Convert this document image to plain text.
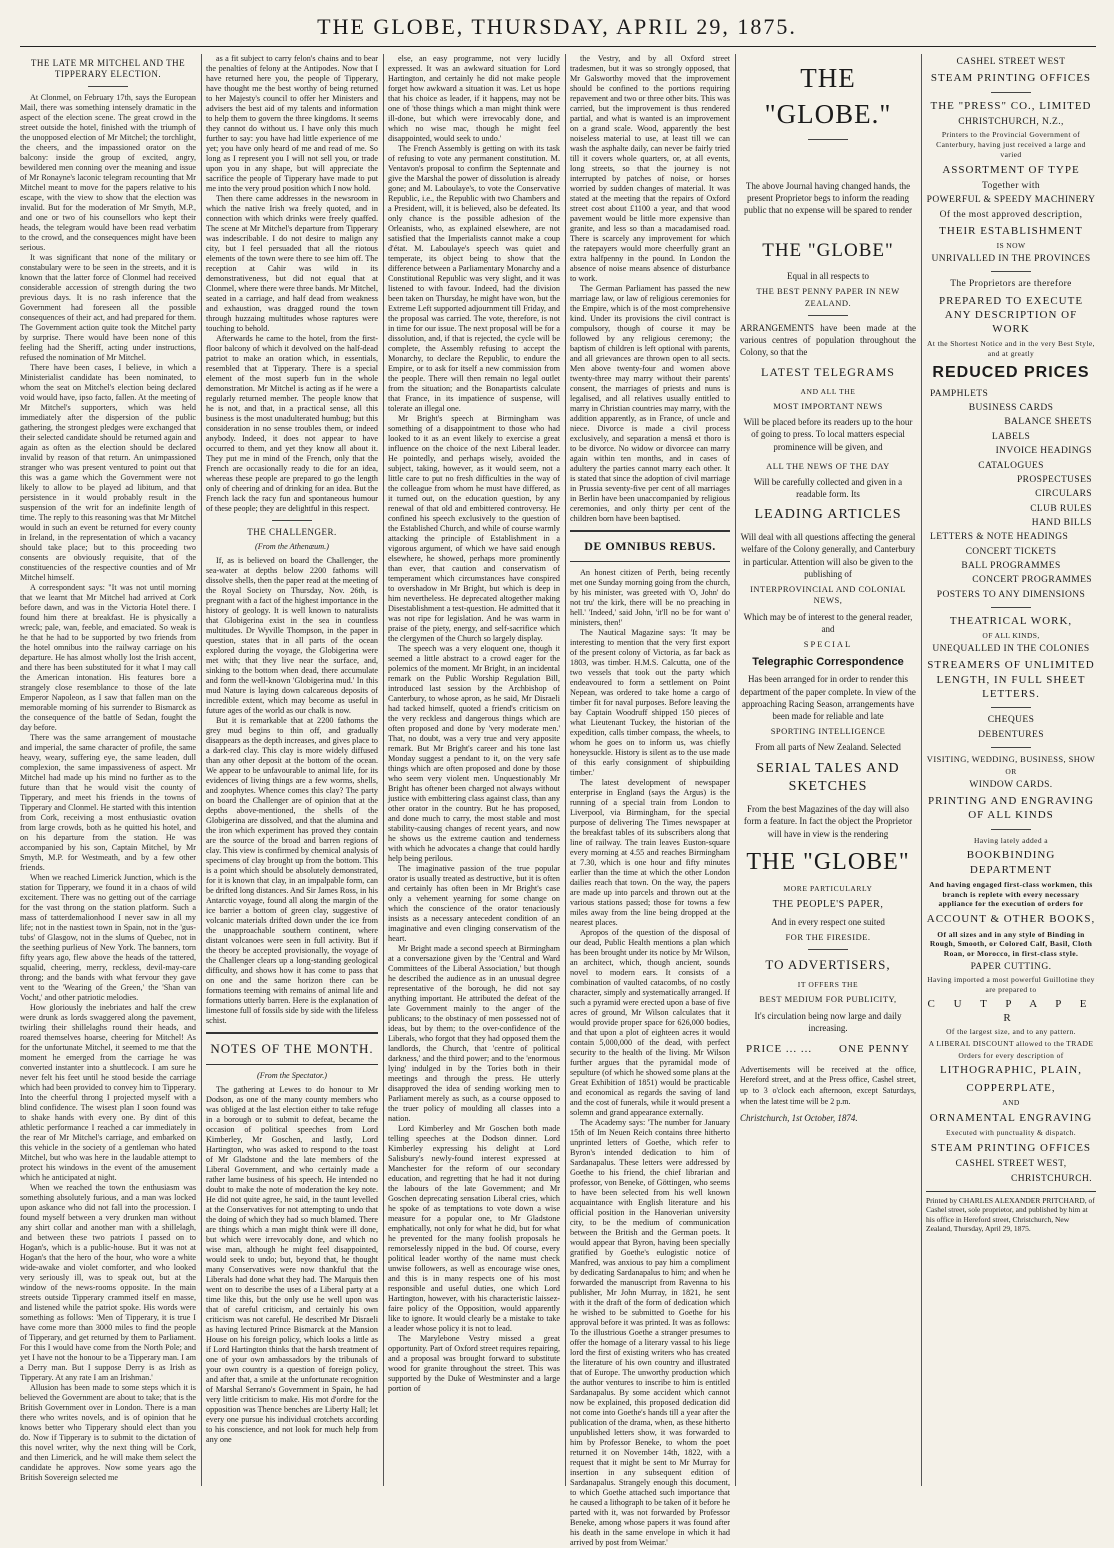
THE GLOBE, THURSDAY, APRIL 29, 1875.
THE LATE MR MITCHEL AND THE TIPPERARY ELECTION.

At Clonmel, on February 17th, says the European Mail, there was something intensely dramatic in the aspect of the election scene. The great crowd in the street outside the hotel, finished with the triumph of the unopposed election of Mr Mitchel; the torchlight, the cheers, and the impassioned orator on the balcony: inside the group of excited, angry, bewildered men conning over the meaning and issue of Mr Ronayne's laconic telegram recounting that Mr Mitchel meant to move for the papers relative to his escape, with the view to show that the election was invalid. But for the moderation of Mr Smyth, M.P., and one or two of his counsellors who kept their heads, the telegram would have been read verbatim to the crowd, and the consequences might have been serious.

It was significant that none of the military or constabulary were to be seen in the streets, and it is known that the latter force of Clonmel had received considerable accession of strength during the two previous days. It is no rash inference that the Government had foreseen all the possible consequences of their act, and had prepared for them. The Government action quite took the Mitchel party by surprise. There would have been none of this feeling had the Sheriff, acting under instructions, refused the nomination of Mr Mitchel.

There have been cases, I believe, in which a Ministerialist candidate has been nominated, to whom the seat on Mitchel's election being declared void would have, ipso facto, fallen. At the meeting of Mr Mitchel's supporters, which was held immediately after the dispersion of the public gathering, the strongest pledges were exchanged that their selected candidate should be returned again and again as often as the election should be declared invalid by reason of that return. An unimpassioned stranger who was present ventured to point out that this was a game which the Government were not likely to allow to be played ad libitum, and that persistence in it would probably result in the suspension of the writ for an indefinite length of time. The reply to this reasoning was that Mr Mitchel would in such an event be returned for every county in Ireland, in the representation of which a vacancy should take place; but to this proceeding two consents are obviously requisite, that of the constituencies of the respective counties and of Mr Mitchel himself.

A correspondent says: "It was not until morning that we learnt that Mr Mitchel had arrived at Cork before dawn, and was in the Victoria Hotel there. I found him there at breakfast. He is physically a wreck; pale, wan, feeble, and emaciated. So weak is he that he had to be supported by two friends from the hotel omnibus into the railway carriage on his departure. He has almost wholly lost the Irish accent, and there has been substituted for it what I may call the American intonation. His features bore a strangely close resemblance to those of the late Emperor Napoleon, as I saw that fallen man on the memorable morning of his surrender to Bismarck as the consequence of the battle of Sedan, fought the day before.

There was the same arrangement of moustache and imperial, the same character of profile, the same heavy, weary, suffering eye, the same leaden, dull complexion, the same impassiveness of aspect. Mr Mitchel had made up his mind no further as to the future than that he would visit the county of Tipperary, and meet his friends in the towns of Tipperary and Clonmel. He started with this intention from Cork, receiving a most enthusiastic ovation from large crowds, both as he quitted his hotel, and on his departure from the station. He was accompanied by his son, Captain Mitchel, by Mr Smyth, M.P. for Westmeath, and by a few other friends.

When we reached Limerick Junction, which is the station for Tipperary, we found it in a chaos of wild excitement. There was no getting out of the carriage for the vast throng on the station platform. Such a mass of tatterdemalionhood I never saw in all my life; not in the nastiest town in Spain, not in the 'gus-tubs' of Glasgow, not in the slums of Quebec, not in the seething purlieus of New York. The banners, torn fifty years ago, flew above the heads of the tattered, squalid, cheering, merry, reckless, devil-may-care throng; and the bands with what fervour they gave vent to the 'Wearing of the Green,' the 'Shan van Vocht,' and other patriotic melodies.

How gloriously the inebriates and half the crew were drunk as lords swaggered along the pavement, twirling their shillelaghs round their heads, and roared themselves hoarse, cheering for Mitchel! As for the unfortunate Mitchel, it seemed to me that the moment he emerged from the carriage he was converted instanter into a shuttlecock. I am sure he never felt his feet until he stood beside the carriage which had been provided to convey him to Tipperary. Into the cheerful throng I projected myself with a blind confidence. The wisest plan I soon found was to shake hands with every one. By dint of this athletic performance I reached a car immediately in the rear of Mr Mitchel's carriage, and embarked on this vehicle in the society of a gentleman who hated Mitchel, but who was here in the laudable attempt to protect his windows in the event of the amusement which he anticipated at night.

When we reached the town the enthusiasm was something absolutely furious, and a man was locked upon askance who did not fall into the procession. I found myself between a very drunken man without any shirt collar and another man with a shillelagh, and between these two patriots I passed on to Hogan's, which is a public-house. But it was not at Hogan's that the hero of the hour, who wore a white wide-awake and violet comforter, and who looked very seriously ill, was to speak out, but at the window of the news-rooms opposite. In the main streets outside Tipperary crammed itself en masse, and listened while the patriot spoke. His words were something as follows: 'Men of Tipperary, it is true I have come more than 3000 miles to find the people of Tipperary, and get returned by them to Parliament. For this I would have come from the North Pole; and yet I have not the honour to be a Tipperary man. I am a Derry man. But I suppose Derry is as Irish as Tipperary. At any rate I am an Irishman.'

Allusion has been made to some steps which it is believed the Government are about to take; that is the British Government over in London. There is a man there who writes novels, and is of opinion that he knows better who Tipperary should elect than you do. Now if Tipperary is to submit to the dictation of this novel writer, why the next thing will be Cork, and then Limerick, and he will make them select the candidate he approves. Now some years ago the British Sovereign selected me

as a fit subject to carry felon's chains and to bear the penalties of felony at the Antipodes. Now that I have returned here you, the people of Tipperary, have thought me the best worthy of being returned to her Majesty's council to offer her Ministers and advisers the best aid of my talents and information to help them to govern the three kingdoms. It seems they cannot do without us. I have only this much further to say: you have had little experience of me yet; you have only heard of me and read of me. So long as I represent you I will not sell you, or trade upon you in any shape, but will appreciate the sacrifice the people of Tipperary have made to put me into the very proud position which I now hold.

Then there came addresses in the newsroom in which the native Irish wa freely quoted, and in connection with which drinks were freely quaffed. The scene at Mr Mitchel's departure from Tipperary was indescribable. I do not desire to malign any city, but I feel persuaded that all the riotous elements of the town were there to see him off. The reception at Cahir was wild in its demonstrativeness, but did not equal that at Clonmel, where there were three bands. Mr Mitchel, seated in a carriage, and half dead from weakness and exhaustion, was dragged round the town through huzzaing multitudes whose raptures were touching to behold.

Afterwards he came to the hotel, from the first-floor balcony of which it devolved on the half-dead patriot to make an oration which, in essentials, resembled that at Tipperary. There is a special element of the most superb fun in the whole demonstration. Mr Mitchel is acting as if he were a regularly returned member. The people know that he is not, and that, in a practical sense, all this business is the most unadulterated humbug; but this consideration in no sense troubles them, or indeed anybody. Indeed, it does not appear to have occurred to them, and yet they know all about it. They put me in mind of the French, only that the French are occasionally ready to die for an idea, whereas these people are prepared to go the length only of cheering and of drinking for an idea. But the French lack the racy fun and spontaneous humour of these people; they are delightful in this respect.

THE CHALLENGER.
(From the Athenæum.)

If, as is believed on board the Challenger, the sea-water at depths below 2200 fathoms will dissolve shells, then the paper read at the meeting of the Royal Society on Thursday, Nov. 26th, is pregnant with a fact of the highest importance in the history of geology. It is well known to naturalists that Globigerina exist in the sea in countless multitudes. Dr Wyville Thompson, in the paper in question, states that in all parts of the ocean explored during the voyage, the Globigerina were met with; that they live near the surface, and, sinking to the bottom when dead, there accumulate and form the well-known 'Globigerina mud.' In this mud Nature is laying down calcareous deposits of incredible extent, which may become as useful in future ages of the world as our chalk is now.

But it is remarkable that at 2200 fathoms the grey mud begins to thin off, and gradually disappears as the depth increases, and gives place to a dark-red clay. This clay is more widely diffused than any other deposit at the bottom of the ocean. We appear to be unfavourable to animal life, for its evidences of living things are a few worms, shells, and zoophytes. Whence comes this clay? The party on board the Challenger are of opinion that at the depths above-mentioned, the shells of the Globigerina are dissolved, and that the alumina and the iron which experiment has proved they contain are the source of the broad and barren regions of clay. This view is confirmed by chemical analysis of specimens of clay brought up from the bottom. This is a point which should be absolutely demonstrated, for it is known that clay, in an impalpable form, can be drifted long distances. And Sir James Ross, in his Antarctic voyage, found all along the margin of the ice barrier a bottom of green clay, suggestive of volcanic materials drifted down under the ice from the unapproachable southern continent, where distant volcanoes were seen in full activity. But if the theory be accepted provisionally, the voyage of the Challenger clears up a long-standing geological difficulty, and shows how it has come to pass that on one and the same horizon there can be formations teeming with remains of animal life and formations utterly barren. Here is the explanation of limestone full of fossils side by side with the lifeless schist.

NOTES OF THE MONTH.
(From the Spectator.)

The gathering at Lewes to do honour to Mr Dodson, as one of the many county members who was obliged at the last election either to take refuge in a borough or to submit to defeat, became the occasion of political speeches from Lord Kimberley, Mr Goschen, and lastly, Lord Hartington, who was asked to respond to the toast of Mr Gladstone and the late members of the Liberal Government, and who certainly made a rather lame business of his speech. He intended no doubt to make the note of moderation the key note. He did not quite agree, he said, in the taunt levelled at the Conservatives for not attempting to undo that the doing of which they had so much blamed. There are things which a man might think were ill done, but which were irrevocably done, and which no wise man, although he might feel disappointed, would seek to undo; but, beyond that, he thought many Conservatives were now thankful that the Liberals had done what they had. The Marquis then went on to describe the uses of a Liberal party at a time like this, but the only use he well upon was that of careful criticism, and certainly his own criticism was not careful. He described Mr Disraeli as having lectured Prince Bismarck at the Mansion House on his foreign policy, which looks a little as if Lord Hartington thinks that the harsh treatment of one of your own ambassadors by the tribunals of your own country is a question of foreign policy, and after that, a smile at the unfortunate recognition of Marshal Serrano's Government in Spain, he had very little criticism to make. His mot d'ordre for the opposition was Thence benches are Liberty Hall; let every one pursue his individual crotchets according to his conscience, and not look for much help from any one

else, an easy programme, not very lucidly expressed. It was an awkward situation for Lord Hartington, and certainly he did not make people forget how awkward a situation it was. Let us hope that his choice as leader, if it happens, may not be one of 'those things which a man might think were ill-done, but which were irrevocably done, and which no wise mac, though he might feel disappointed, would seek to undo.'

The French Assembly is getting on with its task of refusing to vote any permanent constitution. M. Ventavon's proposal to confirm the Septennate and give the Marshal the power of dissolution is already gone; and M. Laboulaye's, to vote the Conservative Republic, i.e., the Republic with two Chambers and a President, will, it is believed, also be defeated. Its only chance is the possible adhesion of the Orleanists, who, as explained elsewhere, are not satisfied that the Imperialists cannot make a coup d'état. M. Laboulaye's speech was quiet and temperate, its object being to show that the difference between a Parliamentary Monarchy and a Constitutional Republic was very slight, and it was listened to with favour. Indeed, had the division been taken on Thursday, he might have won, but the Extreme Left supported adjournment till Friday, and the proposal was carried. The vote, therefore, is not in time for our issue. The next proposal will be for a dissolution, and, if that is rejected, the cycle will be complete, the Assembly refusing to accept the Monarchy, to declare the Republic, to endure the Empire, or to ask for itself a new commission from the people. There will then remain no legal outlet from the situation; and the Bonapartists calculate that France, in its impatience of suspense, will tolerate an illegal one.

Mr Bright's speech at Birmingham was something of a disappointment to those who had looked to it as an event likely to exercise a great influence on the choice of the next Liberal leader. He pointedly, and perhaps wisely, avoided the subject, taking, however, as it would seem, not a little care to put no fresh difficulties in the way of the colleague from whom he must have differed, as it turned out, on the education question, by any renewal of that old and embittered controversy. He confined his speech exclusively to the question of the Established Church, and while of course warmly attacking the principle of Establishment in a vigorous argument, of which we have said enough elsewhere, he showed, perhaps more prominently than ever, that caution and conservatism of temperament which circumstances have conspired to overshadow in Mr Bright, but which is deep in him nevertheless. He deprecated altogether making Disestablishment a test-question. He admitted that it was not ripe for legislation. And he was warm in praise of the piety, energy, and self-sacrifice which the clergymen of the Church so largely display.

The speech was a very eloquent one, though it seemed a little abstract to a crowd eager for the polemics of the moment. Mr Bright, in an incidental remark on the Public Worship Regulation Bill, introduced last session by the Archbishop of Canterbury, to whose apron, as he said, Mr Disraeli had tacked himself, quoted a friend's criticism on the very reckless and dangerous things which are often proposed and done by 'very moderate men.' That, no doubt, was a very true and very apposite remark. But Mr Bright's career and his tone last Monday suggest a pendant to it, on the very safe things which are often proposed and done by those who seem very violent men. Unquestionably Mr Bright has oftener been charged not always without justice with embittering class against class, than any other orator in the country. But he has proposed, and done much to carry, the most stable and most stability-causing changes of recent years, and now he shows us the extreme caution and tenderness with which he advocates a change that could hardly help being perilous.

The imaginative passion of the true popular orator is usually treated as destructive, but it is often and certainly has often been in Mr Bright's case only a vehement yearning for some change on which the conscience of the orator tenaciously insists as a necessary antecedent condition of an imaginative and even clinging conservatism of the heart.

Mr Bright made a second speech at Birmingham at a conversazione given by the 'Central and Ward Committees of the Liberal Association,' but though he described the audience as in an unusual degree representative of the borough, he did not say anything important. He attributed the defeat of the late Government mainly to the anger of the publicans; to the obstinacy of men possessed not of ideas, but by them; to the over-confidence of the Liberals, who forgot that they had opposed them the landlords, the Church, that 'centre of political darkness,' and the third power; and to the 'enormous lying' indulged in by the Tories both in their meetings and through the press. He utterly disapproved the idea of sending working men to Parliament merely as such, as a course opposed to the truer policy of moulding all classes into a nation.

Lord Kimberley and Mr Goschen both made telling speeches at the Dodson dinner. Lord Kimberley expressing his delight at Lord Salisbury's newly-found interest expressed at Manchester for the reform of our secondary education, and regretting that he had it not during the labours of the late Government; and Mr Goschen deprecating sensation Liberal cries, which he spoke of as temptations to vote down a wise measure for a popular one, to Mr Gladstone emphatically, not only for what he did, but for what he prevented for the many foolish proposals he remorselessly nipped in the bud. Of course, every political leader worthy of the name must check unwise followers, as well as encourage wise ones, and this is in many respects one of his most responsible and useful duties, one which Lord Hartington, however, with his characteristic laissez-faire policy of the Opposition, would apparently like to ignore. It would clearly be a mistake to take a leader whose policy it is not to lead.

The Marylebone Vestry missed a great opportunity. Part of Oxford street requires repairing, and a proposal was brought forward to substitute wood for granite throughout the street. This was supported by the Duke of Westminster and a large portion of

the Vestry, and by all Oxford street tradesmen, but it was so strongly opposed, that Mr Galsworthy moved that the improvement should be confined to the portions requiring repavement and two or three other bits. This was carried, but the improvement is thus rendered partial, and what is wanted is an improvement on a grand scale. Wood, apparently the best noiseless material to use, at least till we can wash the asphalte daily, can never be fairly tried till it covers whole quarters, or, at all events, long streets, so that the journey is not interrupted by patches of noise, or horses worried by sudden changes of material. It was stated at the meeting that the repairs of Oxford street cost about £1100 a year, and that wood pavement would be little more expensive than granite, and less so than a macadamised road. There is scarcely any improvement for which the ratepayers would more cheerfully grant an extra halfpenny in the pound. In London the absence of noise means absence of disturbance to work.

The German Parliament has passed the new marriage law, or law of religious ceremonies for the Empire, which is of the most comprehensive kind. Under its provisions the civil contract is compulsory, though of course it may be followed by any religious ceremony; the baptism of children is left optional with parents, and all grievances are thrown open to all sects. Men above twenty-four and women above twenty-three may marry without their parents' consent, the marriages of priests and nuns is legalised, and all relatives usually entitled to marry in Christian countries may marry, with the addition apparently, as in France, of uncle and niece. Divorce is made a civil process exclusively, and separation a mensâ et thoro is to be divorce. No widow or divorcee can marry again within ten months, and in cases of adultery the parties cannot marry each other. It is stated that since the adoption of civil marriage in Prussia seventy-five per cent of all marriages in Berlin have been unaccompanied by religious ceremonies, and only thirty per cent of the children born have been baptised.

DE OMNIBUS REBUS.

An honest citizen of Perth, being recently met one Sunday morning going from the church, by his minister, was greeted with 'O, John' do not tru' the kirk, there will be no preaching in hell.' 'Indeed,' said John, 'it'll no be for want o' ministers, then!'

The Nautical Magazine says: 'It may be interesting to mention that the very first export of the present colony of Victoria, as far back as 1803, was timber. H.M.S. Calcutta, one of the two vessels that took out the party which endeavoured to form a settlement on Point Nepean, was ordered to take home a cargo of timber fit for naval purposes. Before leaving the bay Captain Woodruff shipped 150 pieces of what Lieutenant Tuckey, the historian of the expedition, calls timber compass, the wheels, to whom he goes on to inform us, was chiefly honeysuckle. History is silent as to the use made of this early consignment of shipbuilding timber.'

The latest development of newspaper enterprise in England (says the Argus) is the running of a special train from London to Liverpool, via Birmingham, for the special purpose of delivering The Times newspaper at the breakfast tables of its subscribers along that line of railway. The train leaves Euston-square every morning at 4.55 and reaches Birmingham at 7.30, which is one hour and fifty minutes earlier than the time at which the other London dailies reach that town. On the way, the papers are made up into parcels and thrown out at the various stations passed; those for towns a few miles away from the line being dropped at the nearest places.

Apropos of the question of the disposal of our dead, Public Health mentions a plan which has been brought under its notice by Mr Wilson, an architect, which, though ancient, sounds novel to modern ears. It consists of a combination of vaulted catacombs, of no costly character, simply and systematically arranged. If such a pyramid were erected upon a base of five acres of ground, Mr Wilson calculates that it would provide proper space for 626,000 bodies, and that upon a plot of eighteen acres it would contain 5,000,000 of the dead, with perfect security to the health of the living. Mr Wilson further argues that the pyramidal mode of sepulture (of which he showed some plans at the Great Exhibition of 1851) would be practicable and economical as regards the saving of land and the cost of funerals, while it would present a solemn and grand appearance externally.

The Academy says: 'The number for January 15th of Im Neuen Reich contains three hitherto unprinted letters of Goethe, which refer to Byron's intended dedication to him of Sardanapalus. These letters were addressed by Goethe to his friend, the chief librarian and professor, von Beneke, of Göttingen, who seems to have been selected from his well known acquaintance with English literature and his official position in the Hanoverian university city, to be the medium of communication between the British and the German poets. It would appear that Byron, having been specially gratified by Goethe's eulogistic notice of Manfred, was anxious to pay him a compliment by dedicating Sardanapalus to him; and when he forwarded the manuscript from Ravenna to his publisher, Mr John Murray, in 1821, he sent with it the draft of the form of dedication which he wished to be submitted to Goethe for his approval before it was printed. It was as follows: To the illustrious Goethe a stranger presumes to offer the homage of a literary vassal to his liege lord the first of existing writers who has created the literature of his own country and illustrated that of Europe. The unworthy production which the author ventures to inscribe to him is entitled Sardanapalus. By some accident which cannot now be explained, this proposed dedication did not come into Goethe's hands till a year after the publication of the drama, when, as these hitherto unpublished letters show, it was forwarded to him by Professor Beneke, to whom the poet returned it on November 14th, 1822, with a request that it might be sent to Mr Murray for insertion in any subsequent edition of Sardanapalus. Strangely enough this document, to which Goethe attached such importance that he caused a lithograph to be taken of it before he parted with it, was not forwarded by Professor Beneke, among whose papers it was found after his death in the same envelope in which it had arrived by post from Weimar.'

THE "GLOBE."
The above Journal having changed hands, the present Proprietor begs to inform the reading public that no expense will be spared to render
THE "GLOBE"
Equal in all respects to
THE BEST PENNY PAPER IN NEW ZEALAND.
ARRANGEMENTS have been made at the various centres of population throughout the Colony, so that the
LATEST TELEGRAMS
AND ALL THE
MOST IMPORTANT NEWS
Will be placed before its readers up to the hour of going to press. To local matters especial prominence will be given, and
ALL THE NEWS OF THE DAY
Will be carefully collected and given in a readable form. Its
LEADING ARTICLES
Will deal with all questions affecting the general welfare of the Colony generally, and Canterbury in particular. Attention will also be given to the publishing of
INTERPROVINCIAL AND COLONIAL NEWS,
Which may be of interest to the general reader, and
SPECIAL
Telegraphic Correspondence
Has been arranged for in order to render this department of the paper complete. In view of the approaching Racing Season, arrangements have been made for reliable and late
SPORTING INTELLIGENCE
From all parts of New Zealand. Selected
SERIAL TALES AND SKETCHES
From the best Magazines of the day will also form a feature. In fact the object the Proprietor will have in view is the rendering
THE "GLOBE"
MORE PARTICULARLY
THE PEOPLE'S PAPER,
And in every respect one suited
FOR THE FIRESIDE.
TO ADVERTISERS,
IT OFFERS THE
BEST MEDIUM FOR PUBLICITY,
It's circulation being now large and daily increasing.
PRICE ... ... ONE PENNY
Advertisements will be received at the office, Hereford street, and at the Press office, Cashel street, up to 3 o'clock each afternoon, except Saturdays, when the latest time will be 2 p.m.
Christchurch, 1st October, 1874.
CASHEL STREET WEST
STEAM PRINTING OFFICES
THE "PRESS" CO., LIMITED
CHRISTCHURCH, N.Z.,
Printers to the Provincial Government of Canterbury, having just received a large and varied
ASSORTMENT OF TYPE
Together with
POWERFUL & SPEEDY MACHINERY
Of the most approved description,
THEIR ESTABLISHMENT
IS NOW
UNRIVALLED IN THE PROVINCES
The Proprietors are therefore
PREPARED TO EXECUTE ANY DESCRIPTION OF WORK
At the Shortest Notice and in the very Best Style, and at greatly
REDUCED PRICES
PAMPHLETS
BUSINESS CARDS
BALANCE SHEETS
LABELS
INVOICE HEADINGS
CATALOGUES
PROSPECTUSES
CIRCULARS
CLUB RULES
HAND BILLS
LETTERS & NOTE HEADINGS
CONCERT TICKETS
BALL PROGRAMMES
CONCERT PROGRAMMES
POSTERS TO ANY DIMENSIONS
THEATRICAL WORK,
OF ALL KINDS,
UNEQUALLED IN THE COLONIES
STREAMERS OF UNLIMITED LENGTH, IN FULL SHEET LETTERS.
CHEQUES
DEBENTURES
VISITING, WEDDING, BUSINESS, SHOW
OR
WINDOW CARDS.
PRINTING AND ENGRAVING OF ALL KINDS
Having lately added a
BOOKBINDING DEPARTMENT
And having engaged first-class workmen, this branch is replete with every necessary appliance for the execution of orders for
ACCOUNT & OTHER BOOKS,
Of all sizes and in any style of Binding in Rough, Smooth, or Colored Calf, Basil, Cloth Roan, or Morocco, in first-class style.
PAPER CUTTING.
Having imported a most powerful Guillotine they are prepared to
C U T P A P E R
Of the largest size, and to any pattern.
A LIBERAL DISCOUNT allowed to the TRADE
Orders for every description of
LITHOGRAPHIC, PLAIN,
COPPERPLATE,
AND
ORNAMENTAL ENGRAVING
Executed with punctuality & dispatch.
STEAM PRINTING OFFICES
CASHEL STREET WEST,
CHRISTCHURCH.
Printed by CHARLES ALEXANDER PRITCHARD, of Cashel street, sole proprietor, and published by him at his office in Hereford street, Christchurch, New Zealand, Thursday, April 29, 1875.
